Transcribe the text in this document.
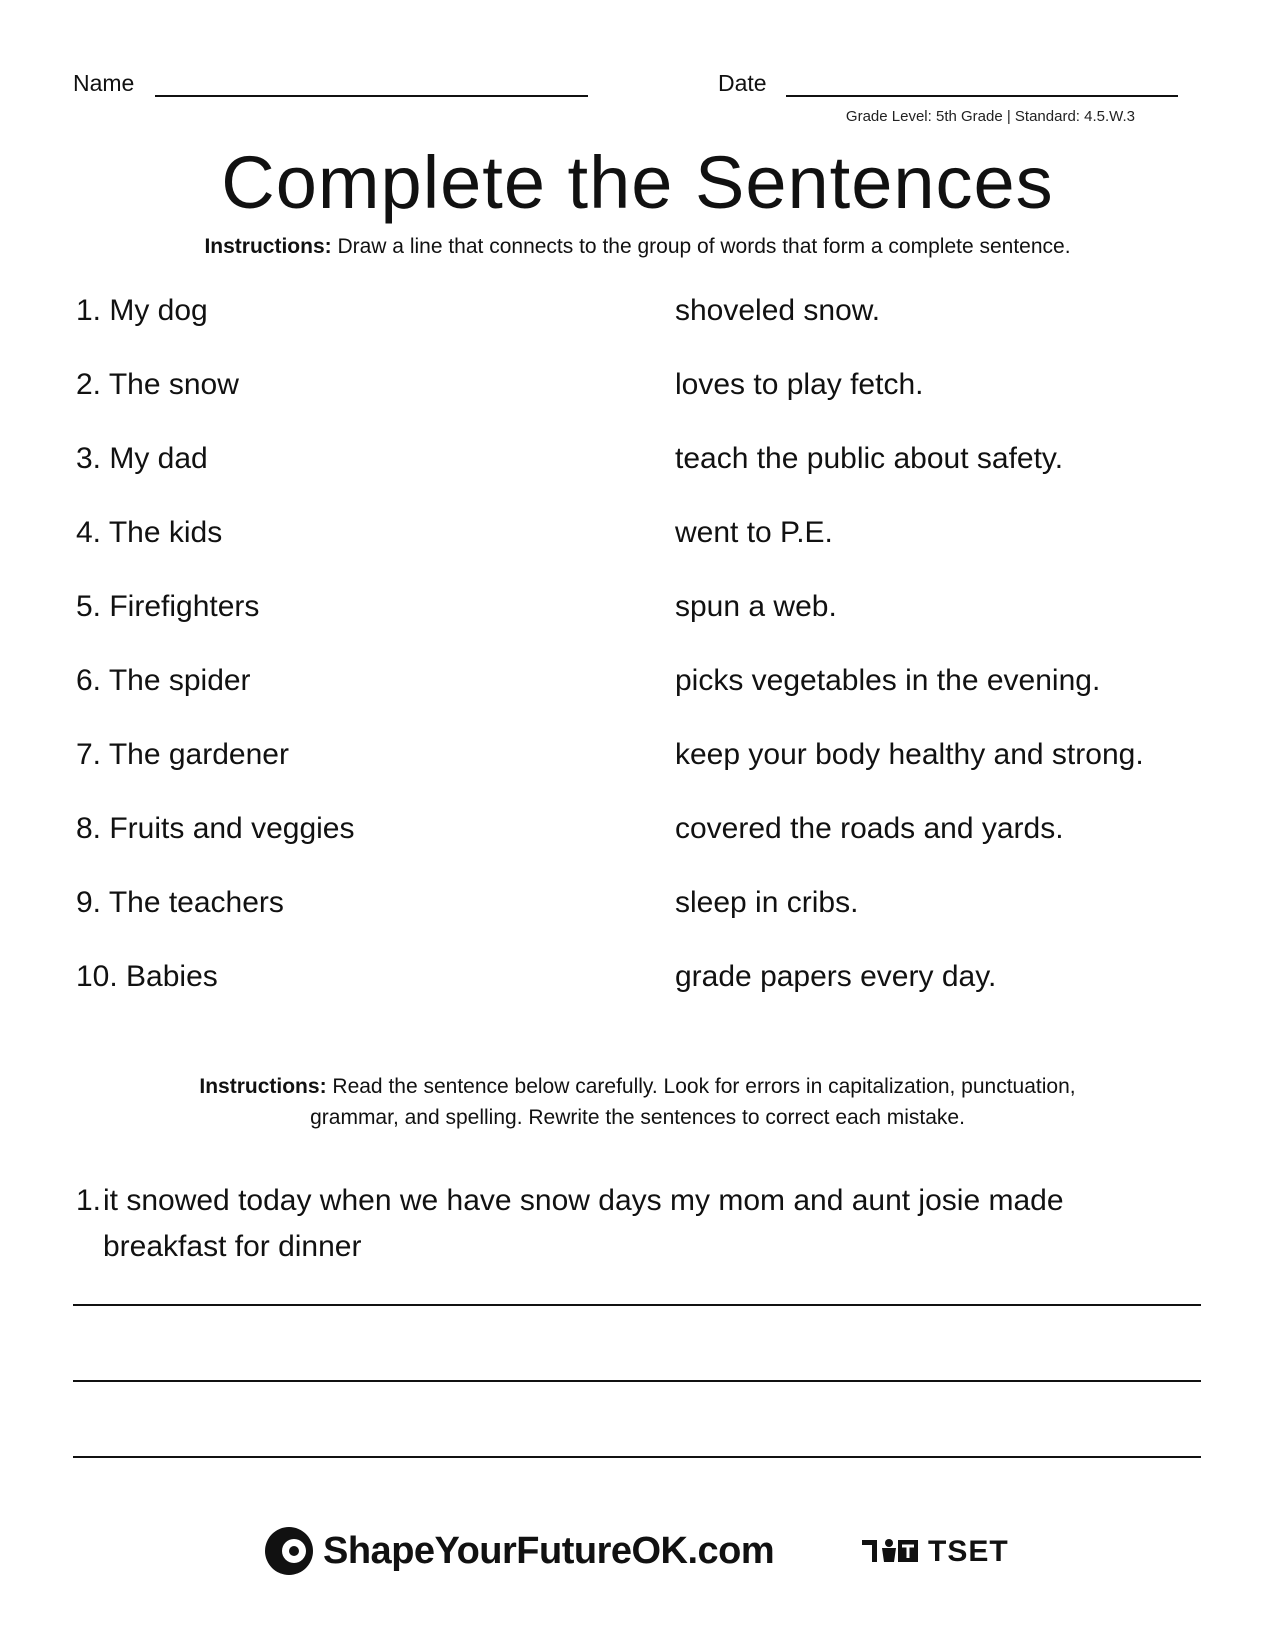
Name	Date
Grade Level: 5th Grade | Standard: 4.5.W.3
Complete the Sentences
Instructions: Draw a line that connects to the group of words that form a complete sentence.
1. My dog
2. The snow
3. My dad
4. The kids
5. Firefighters
6. The spider
7. The gardener
8. Fruits and veggies
9. The teachers
10. Babies
shoveled snow.
loves to play fetch.
teach the public about safety.
went to P.E.
spun a web.
picks vegetables in the evening.
keep your body healthy and strong.
covered the roads and yards.
sleep in cribs.
grade papers every day.
Instructions: Read the sentence below carefully. Look for errors in capitalization, punctuation,
grammar, and spelling. Rewrite the sentences to correct each mistake.
1.it snowed today when we have snow days my mom and aunt josie made breakfast for dinner
ShapeYourFutureOK.com	TSET
